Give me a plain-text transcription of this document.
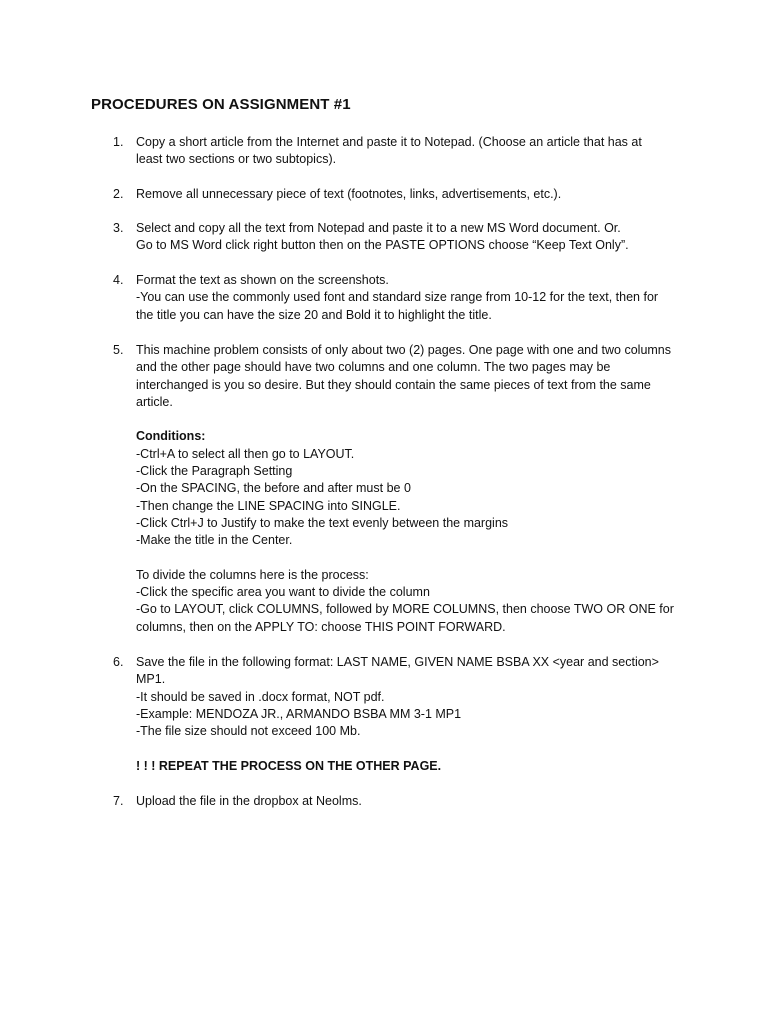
PROCEDURES ON ASSIGNMENT #1
1. Copy a short article from the Internet and paste it to Notepad. (Choose an article that has at
least two sections or two subtopics).
2. Remove all unnecessary piece of text (footnotes, links, advertisements, etc.).
3. Select and copy all the text from Notepad and paste it to a new MS Word document. Or.
Go to MS Word click right button then on the PASTE OPTIONS choose “Keep Text Only”.
4. Format the text as shown on the screenshots.
-You can use the commonly used font and standard size range from 10-12 for the text, then for
the title you can have the size 20 and Bold it to highlight the title.
5. This machine problem consists of only about two (2) pages. One page with one and two columns
and the other page should have two columns and one column. The two pages may be
interchanged is you so desire. But they should contain the same pieces of text from the same
article.
Conditions:
-Ctrl+A to select all then go to LAYOUT.
-Click the Paragraph Setting
-On the SPACING, the before and after must be 0
-Then change the LINE SPACING into SINGLE.
-Click Ctrl+J to Justify to make the text evenly between the margins
-Make the title in the Center.
To divide the columns here is the process:
-Click the specific area you want to divide the column
-Go to LAYOUT, click COLUMNS, followed by MORE COLUMNS, then choose TWO OR ONE for
columns, then on the APPLY TO: choose THIS POINT FORWARD.
6. Save the file in the following format: LAST NAME, GIVEN NAME BSBA XX <year and section>
MP1.
-It should be saved in .docx format, NOT pdf.
-Example: MENDOZA JR., ARMANDO BSBA MM 3-1 MP1
-The file size should not exceed 100 Mb.
! ! ! REPEAT THE PROCESS ON THE OTHER PAGE.
7. Upload the file in the dropbox at Neolms.
